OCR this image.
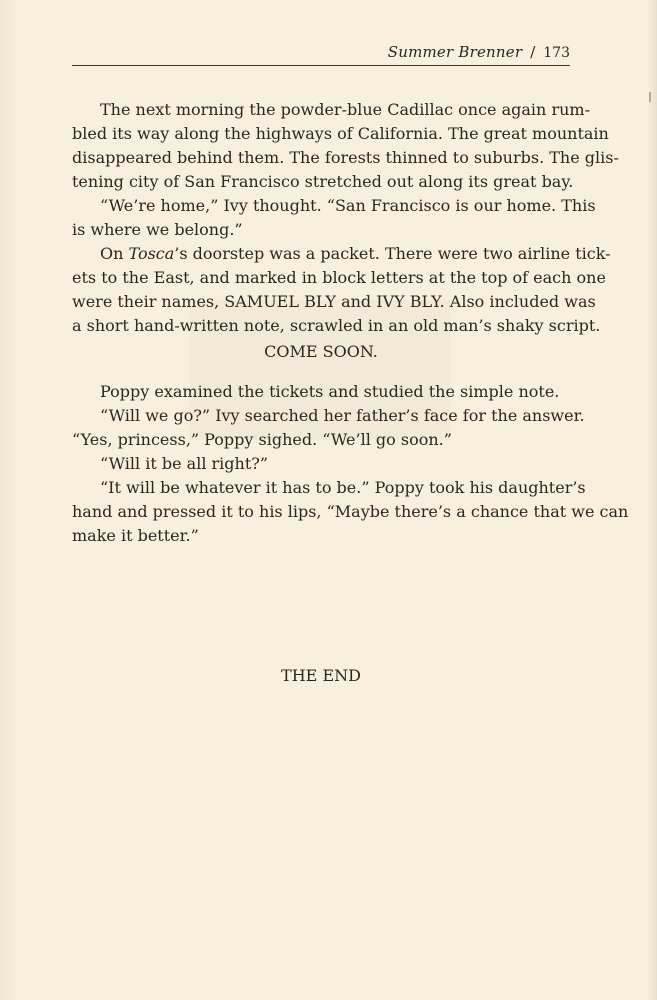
Summer Brenner / 173
The next morning the powder-blue Cadillac once again rum-
bled its way along the highways of California. The great mountain
disappeared behind them. The forests thinned to suburbs. The glis-
tening city of San Francisco stretched out along its great bay.
“We’re home,” Ivy thought. “San Francisco is our home. This
is where we belong.”
On Tosca’s doorstep was a packet. There were two airline tick-
ets to the East, and marked in block letters at the top of each one
were their names, SAMUEL BLY and IVY BLY. Also included was
a short hand-written note, scrawled in an old man’s shaky script.
COME SOON.
Poppy examined the tickets and studied the simple note.
“Will we go?” Ivy searched her father’s face for the answer.
“Yes, princess,” Poppy sighed. “We’ll go soon.”
“Will it be all right?”
“It will be whatever it has to be.” Poppy took his daughter’s
hand and pressed it to his lips, “Maybe there’s a chance that we can
make it better.”
THE END
